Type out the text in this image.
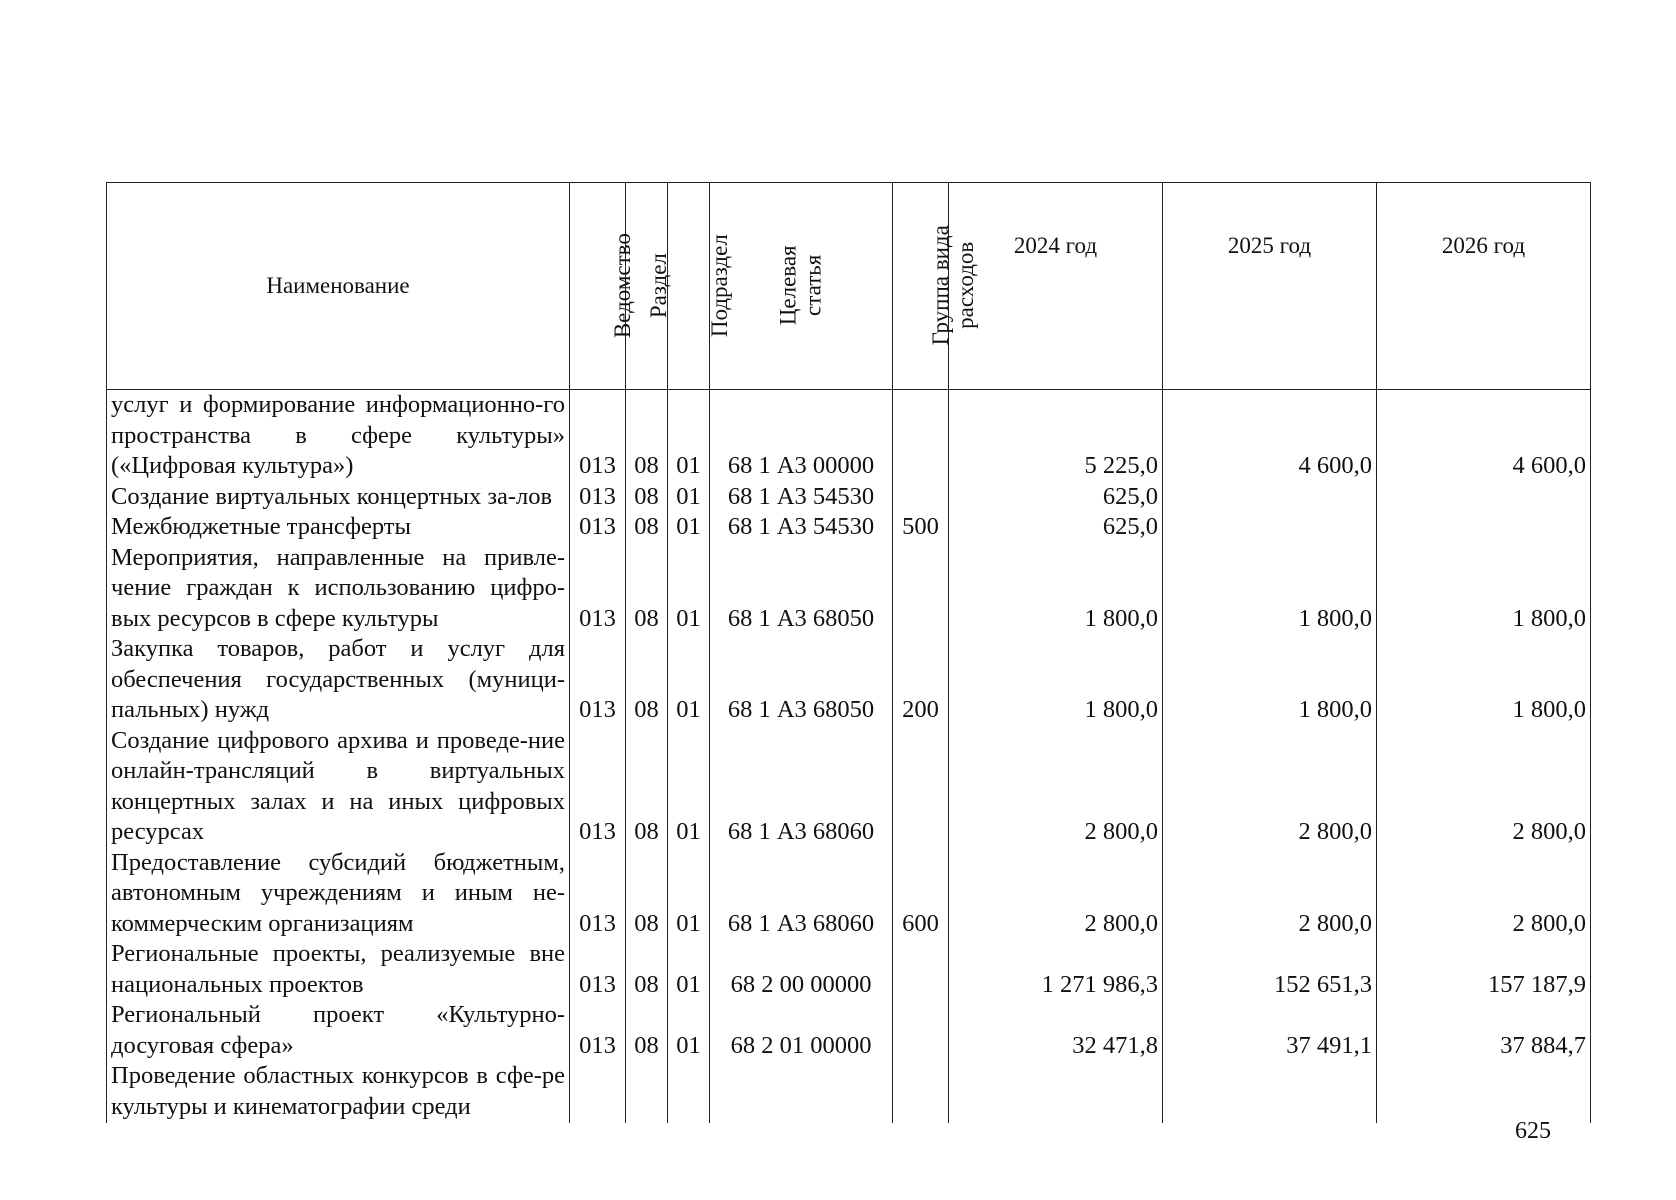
Наименование	Ведомство	Раздел	Подраздел	Целевая
статья	Группа вида
расходов	2024 год	2025 год	2026 год
услуг и формирование информационно-го пространства в сфере культуры» («Цифровая культура»)	013	08	01	68 1 А3 00000		5 225,0	4 600,0	4 600,0
Создание виртуальных концертных за-лов	013	08	01	68 1 А3 54530		625,0		
Межбюджетные трансферты	013	08	01	68 1 А3 54530	500	625,0		
Мероприятия, направленные на привле-чение граждан к использованию цифро-вых ресурсов в сфере культуры	013	08	01	68 1 А3 68050		1 800,0	1 800,0	1 800,0
Закупка товаров, работ и услуг для обеспечения государственных (муници-пальных) нужд	013	08	01	68 1 А3 68050	200	1 800,0	1 800,0	1 800,0
Создание цифрового архива и проведе-ние онлайн-трансляций в виртуальных концертных залах и на иных цифровых ресурсах	013	08	01	68 1 А3 68060		2 800,0	2 800,0	2 800,0
Предоставление субсидий бюджетным, автономным учреждениям и иным не-коммерческим организациям	013	08	01	68 1 А3 68060	600	2 800,0	2 800,0	2 800,0
Региональные проекты, реализуемые вне национальных проектов	013	08	01	68 2 00 00000		1 271 986,3	152 651,3	157 187,9
Региональный проект «Культурно-досуговая сфера»	013	08	01	68 2 01 00000		32 471,8	37 491,1	37 884,7
Проведение областных конкурсов в сфе-ре культуры и кинематографии среди								
625
